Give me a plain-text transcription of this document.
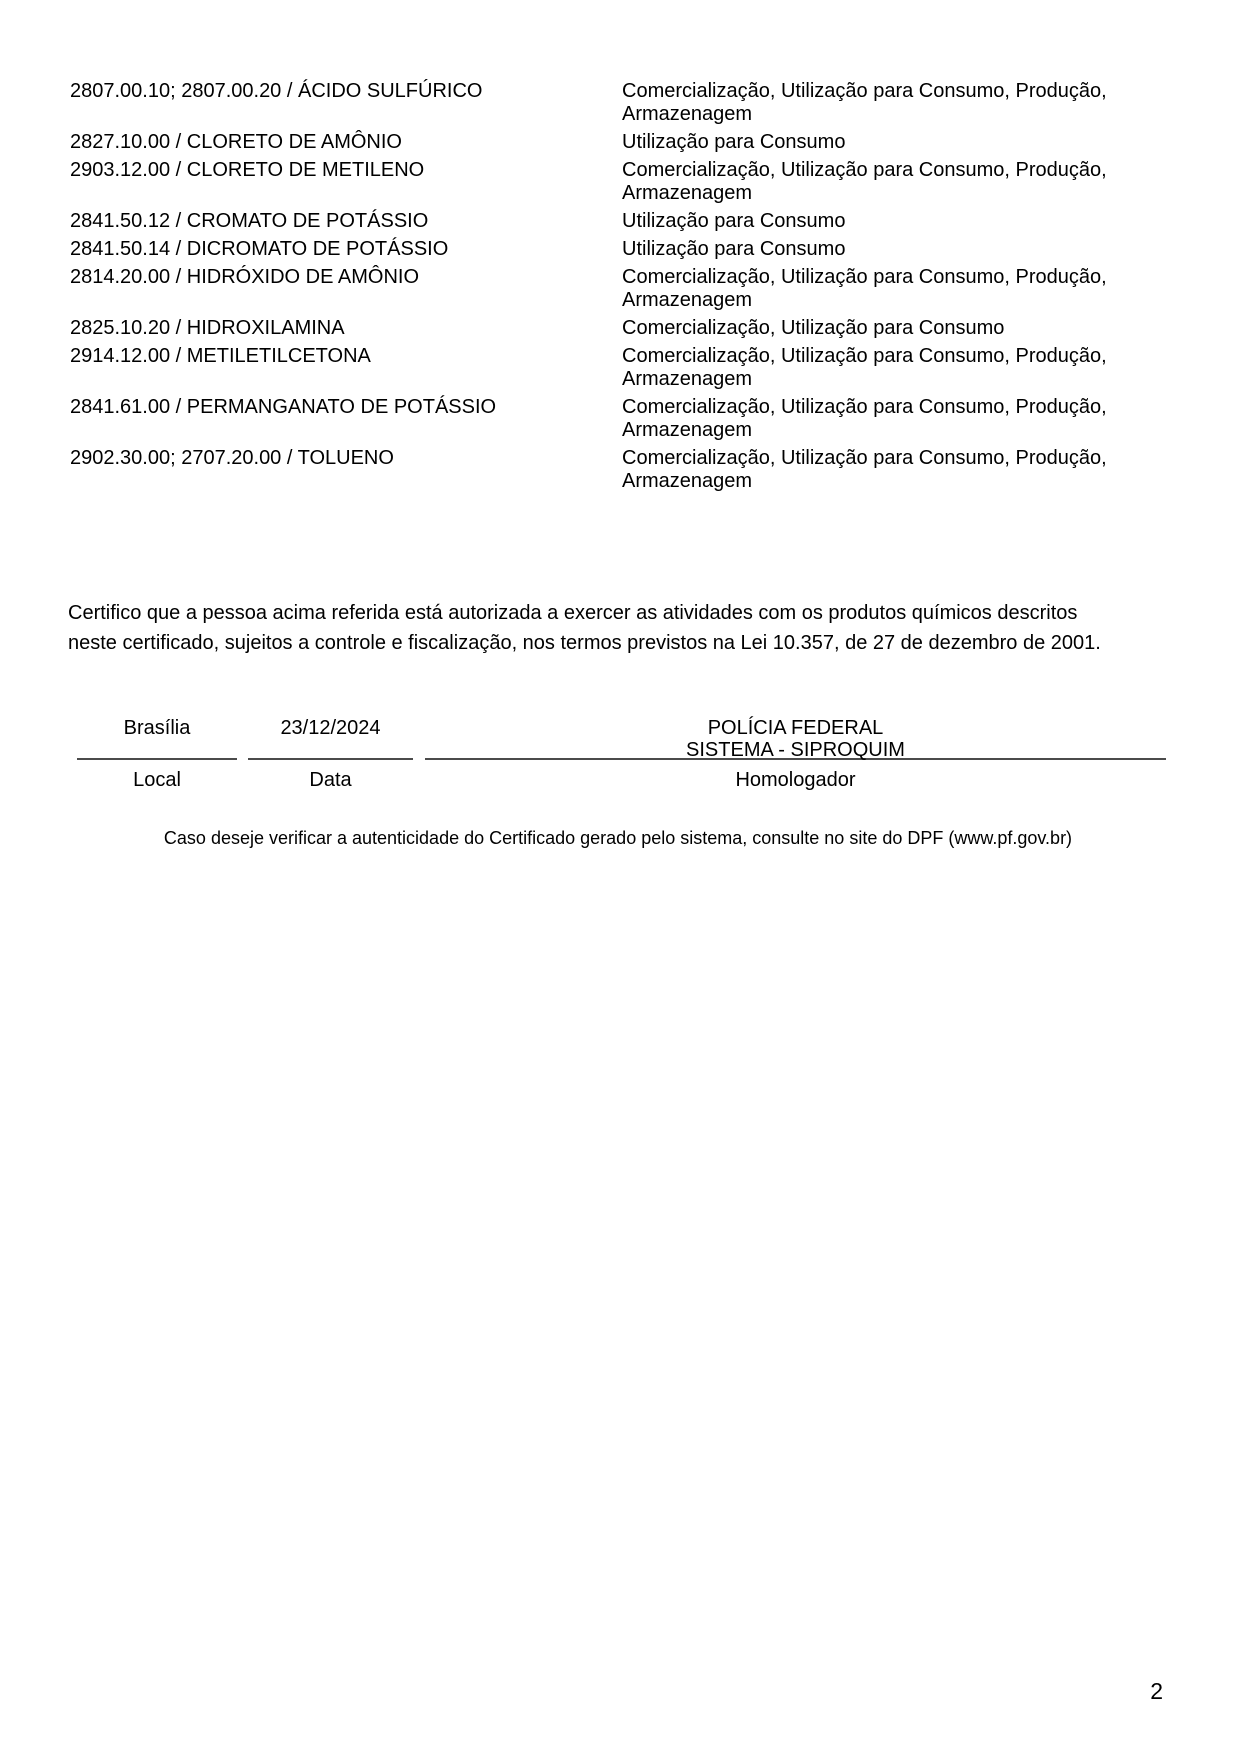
2807.00.10; 2807.00.20 / ÁCIDO SULFÚRICO	Comercialização, Utilização para Consumo, Produção, Armazenagem
2827.10.00 / CLORETO DE AMÔNIO	Utilização para Consumo
2903.12.00 / CLORETO DE METILENO	Comercialização, Utilização para Consumo, Produção, Armazenagem
2841.50.12 / CROMATO DE POTÁSSIO	Utilização para Consumo
2841.50.14 / DICROMATO DE POTÁSSIO	Utilização para Consumo
2814.20.00 / HIDRÓXIDO DE AMÔNIO	Comercialização, Utilização para Consumo, Produção, Armazenagem
2825.10.20 / HIDROXILAMINA	Comercialização, Utilização para Consumo
2914.12.00 / METILETILCETONA	Comercialização, Utilização para Consumo, Produção, Armazenagem
2841.61.00 / PERMANGANATO DE POTÁSSIO	Comercialização, Utilização para Consumo, Produção, Armazenagem
2902.30.00; 2707.20.00 / TOLUENO	Comercialização, Utilização para Consumo, Produção, Armazenagem

Certifico que a pessoa acima referida está autorizada a exercer as atividades com os produtos químicos descritos
neste certificado, sujeitos a controle e fiscalização, nos termos previstos na Lei 10.357, de 27 de dezembro de 2001.

Brasília
Local
23/12/2024
Data
POLÍCIA FEDERAL
SISTEMA - SIPROQUIM
Homologador
Caso deseje verificar a autenticidade do Certificado gerado pelo sistema, consulte no site do DPF (www.pf.gov.br)
2
